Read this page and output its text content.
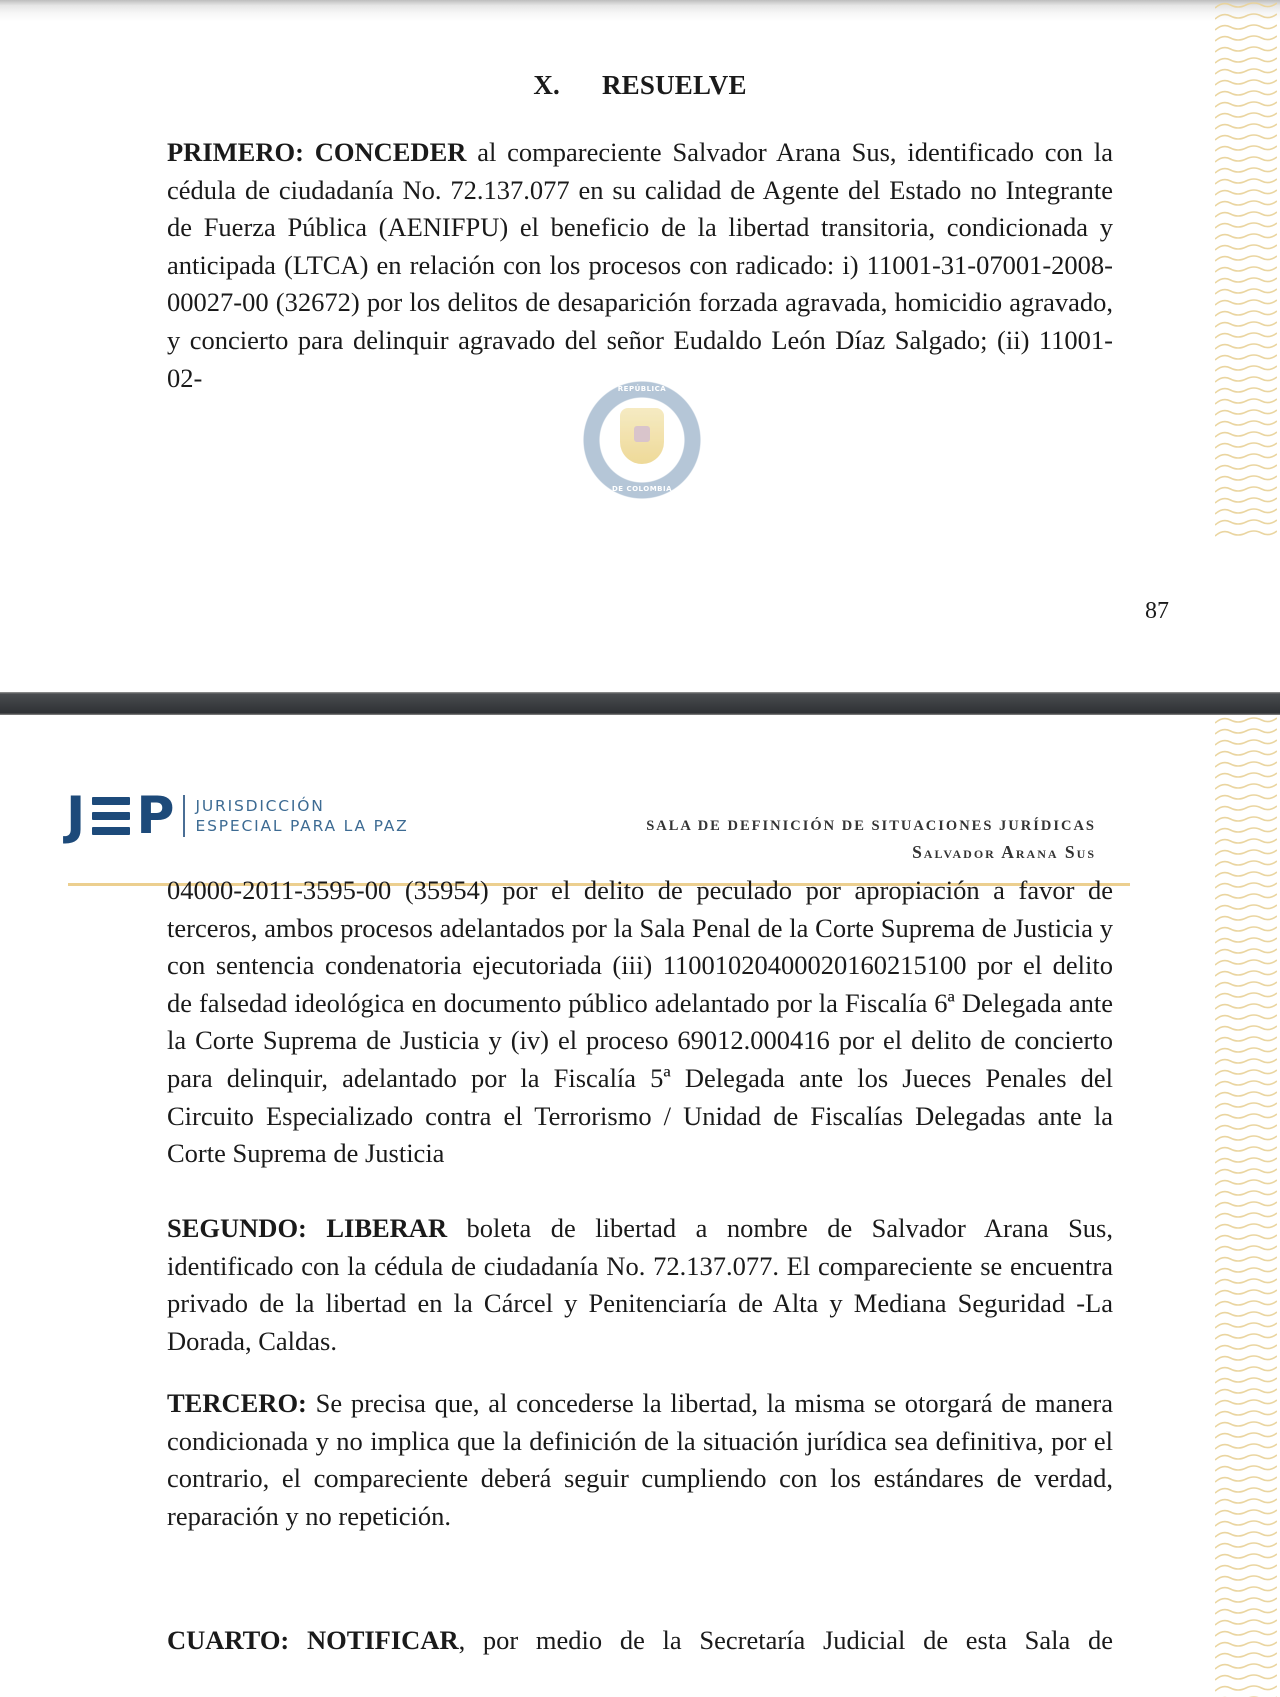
X. RESUELVE
PRIMERO: CONCEDER al compareciente Salvador Arana Sus, identificado con la cédula de ciudadanía No. 72.137.077 en su calidad de Agente del Estado no Integrante de Fuerza Pública (AENIFPU) el beneficio de la libertad transitoria, condicionada y anticipada (LTCA) en relación con los procesos con radicado: i) 11001-31-07001-2008-00027-00 (32672) por los delitos de desaparición forzada agravada, homicidio agravado, y concierto para delinquir agravado del señor Eudaldo León Díaz Salgado; (ii) 11001-02-	REPÚBLICA
DE COLOMBIA
87
J P JURISDICCIÓN
ESPECIAL PARA LA PAZ	SALA DE DEFINICIÓN DE SITUACIONES JURÍDICAS
Salvador Arana Sus
04000-2011-3595-00 (35954) por el delito de peculado por apropiación a favor de terceros, ambos procesos adelantados por la Sala Penal de la Corte Suprema de Justicia y con sentencia condenatoria ejecutoriada (iii) 11001020400020160215100 por el delito de falsedad ideológica en documento público adelantado por la Fiscalía 6ª Delegada ante la Corte Suprema de Justicia y (iv) el proceso 69012.000416 por el delito de concierto para delinquir, adelantado por la Fiscalía 5ª Delegada ante los Jueces Penales del Circuito Especializado contra el Terrorismo / Unidad de Fiscalías Delegadas ante la Corte Suprema de Justicia
SEGUNDO: LIBERAR boleta de libertad a nombre de Salvador Arana Sus, identificado con la cédula de ciudadanía No. 72.137.077. El compareciente se encuentra privado de la libertad en la Cárcel y Penitenciaría de Alta y Mediana Seguridad -La Dorada, Caldas.
TERCERO: Se precisa que, al concederse la libertad, la misma se otorgará de manera condicionada y no implica que la definición de la situación jurídica sea definitiva, por el contrario, el compareciente deberá seguir cumpliendo con los estándares de verdad, reparación y no repetición.
CUARTO: NOTIFICAR, por medio de la Secretaría Judicial de esta Sala de
